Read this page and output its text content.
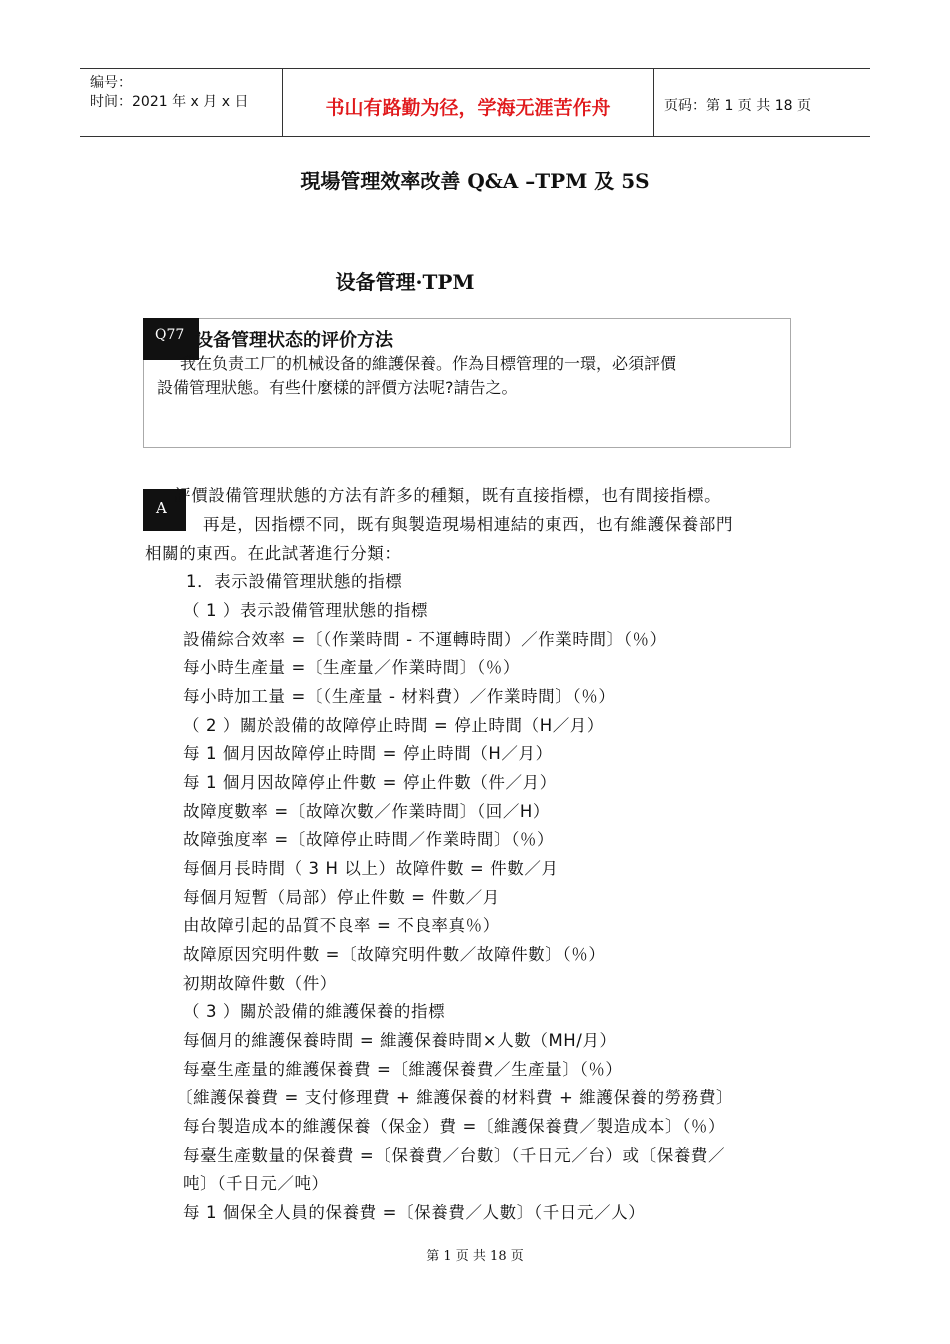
编号：
时间：2021 年 x 月 x 日	书山有路勤为径，学海无涯苦作舟	页码：第 1 页 共 18 页
現場管理效率改善 Q&A –TPM 及 5S
设备管理·TPM
Q77 设备管理状态的评价方法
我在负责工厂的机械设备的維護保養。作為目標管理的一環，必須評價
設備管理狀態。有些什麼樣的評價方法呢?請告之。
A
評價設備管理狀態的方法有許多的種類，既有直接指標，也有間接指標。
再是，因指標不同，既有與製造現場相連結的東西，也有維護保養部門
相關的東西。在此試著進行分類：
1．表示設備管理狀態的指標
（ 1 ）表示設備管理狀態的指標
設備綜合效率 =〔（作業時間 - 不運轉時間）／作業時間〕（％）
每小時生產量 =〔生產量／作業時間〕（％）
每小時加工量 =〔（生產量 - 材料費）／作業時間〕（％）
（ 2 ）關於設備的故障停止時間 = 停止時間（H／月）
每 1 個月因故障停止時間 = 停止時間（H／月）
每 1 個月因故障停止件數 = 停止件數（件／月）
故障度數率 =〔故障次數／作業時間〕（回／H）
故障強度率 =〔故障停止時間／作業時間〕（％）
每個月長時間（ 3 H 以上）故障件數 = 件數／月
每個月短暫（局部）停止件數 = 件數／月
由故障引起的品質不良率 = 不良率真％）
故障原因究明件數 =〔故障究明件數／故障件數〕（％）
初期故障件數（件）
（ 3 ）關於設備的維護保養的指標
每個月的維護保養時間 = 維護保養時間×人數（MH/月）
每臺生產量的維護保養費 =〔維護保養費／生產量〕（％）
〔維護保養費 = 支付修理費 + 維護保養的材料費 + 維護保養的勞務費〕
每台製造成本的維護保養（保金）費 =〔維護保養費／製造成本〕（％）
每臺生產數量的保養費 =〔保養費／台數〕（千日元／台）或〔保養費／
吨〕（千日元／吨）
每 1 個保全人員的保養費 =〔保養費／人數〕（千日元／人）
第 1 页 共 18 页
